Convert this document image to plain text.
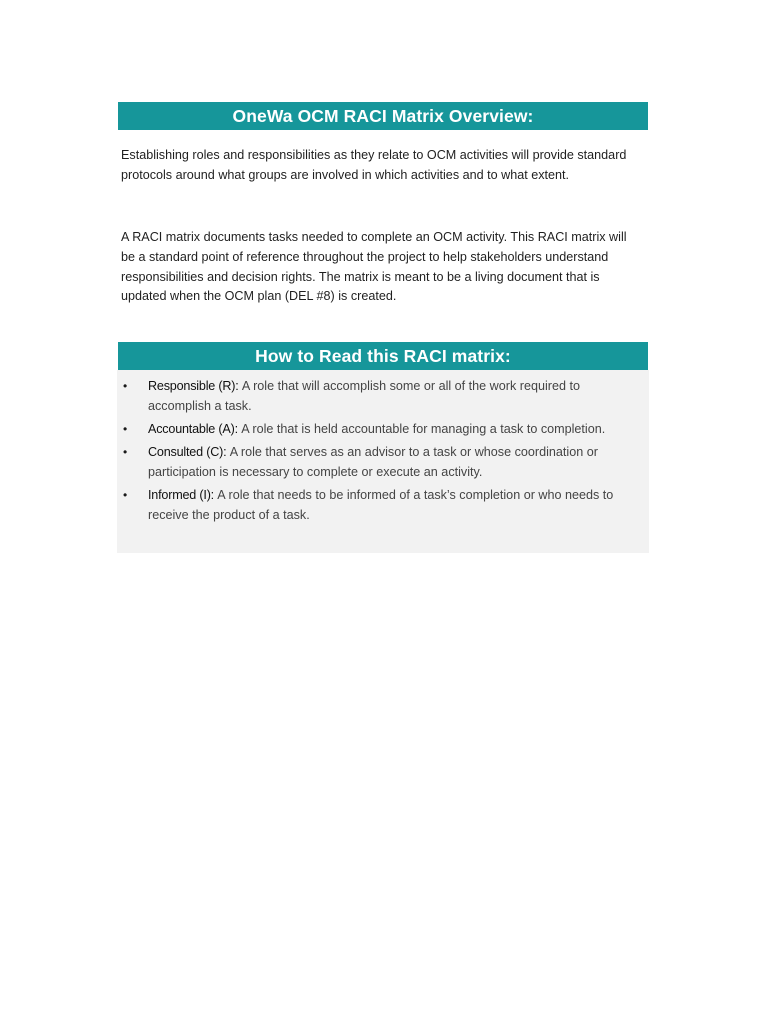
OneWa OCM RACI Matrix Overview:

Establishing roles and responsibilities as they relate to OCM activities will provide standard protocols around what groups are involved in which activities and to what extent.

A RACI matrix documents tasks needed to complete an OCM activity. This RACI matrix will be a standard point of reference throughout the project to help stakeholders understand responsibilities and decision rights. The matrix is meant to be a living document that is updated when the OCM plan (DEL #8) is created.

How to Read this RACI matrix:
• Responsible (R): A role that will accomplish some or all of the work required to accomplish a task.
• Accountable (A): A role that is held accountable for managing a task to completion.
• Consulted (C): A role that serves as an advisor to a task or whose coordination or participation is necessary to complete or execute an activity.
• Informed (I): A role that needs to be informed of a task’s completion or who needs to receive the product of a task.
